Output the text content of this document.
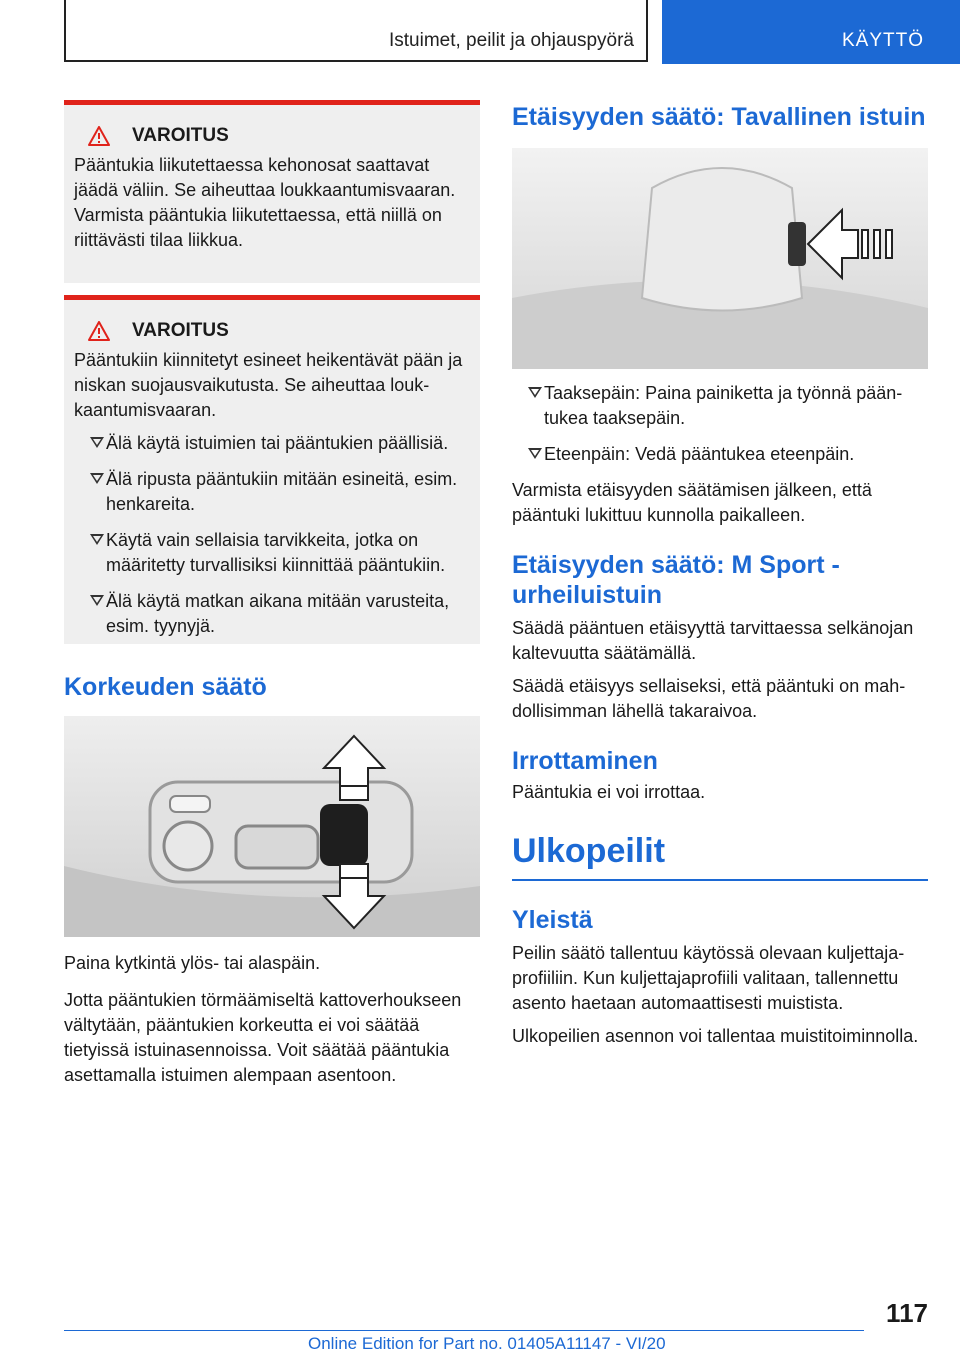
Istuimet, peilit ja ohjauspyörä	KÄYTTÖ
VAROITUS

Pääntukia liikutettaessa kehonosat saattavat jäädä väliin. Se aiheuttaa loukkaantumisvaaran. Varmista pääntukia liikutettaessa, että niillä on riittävästi tilaa liikkua.

VAROITUS

Pääntukiin kiinnitetyt esineet heikentävät pään ja niskan suojausvaikutusta. Se aiheuttaa loukkaantumisvaaran.

Älä käytä istuimien tai pääntukien päällisiä.
Älä ripusta pääntukiin mitään esineitä, esim. henkareita.
Käytä vain sellaisia tarvikkeita, jotka on määritetty turvallisiksi kiinnittää pääntukiin.
Älä käytä matkan aikana mitään varusteita, esim. tyynyjä.
Korkeuden säätö

Paina kytkintä ylös- tai alaspäin.

Jotta pääntukien törmäämiseltä kattoverhoukseen vältytään, pääntukien korkeutta ei voi säätää tietyissä istuinasennoissa. Voit säätää pääntukia asettamalla istuimen alempaan asentoon.

Etäisyyden säätö: Tavallinen istuin
Taaksepäin: Paina painiketta ja työnnä pääntukea taaksepäin.
Eteenpäin: Vedä pääntukea eteenpäin.

Varmista etäisyyden säätämisen jälkeen, että pääntuki lukittuu kunnolla paikalleen.

Etäisyyden säätö: M Sport -urheiluistuin

Säädä pääntuen etäisyyttä tarvittaessa selkänojan kaltevuutta säätämällä.

Säädä etäisyys sellaiseksi, että pääntuki on mahdollisimman lähellä takaraivoa.

Irrottaminen

Pääntukia ei voi irrottaa.

Ulkopeilit
Yleistä

Peilin säätö tallentuu käytössä olevaan kuljettajaprofiiliin. Kun kuljettajaprofiili valitaan, tallennettu asento haetaan automaattisesti muistista.

Ulkopeilien asennon voi tallentaa muistitoiminnolla.

117
Online Edition for Part no. 01405A11147 - VI/20
